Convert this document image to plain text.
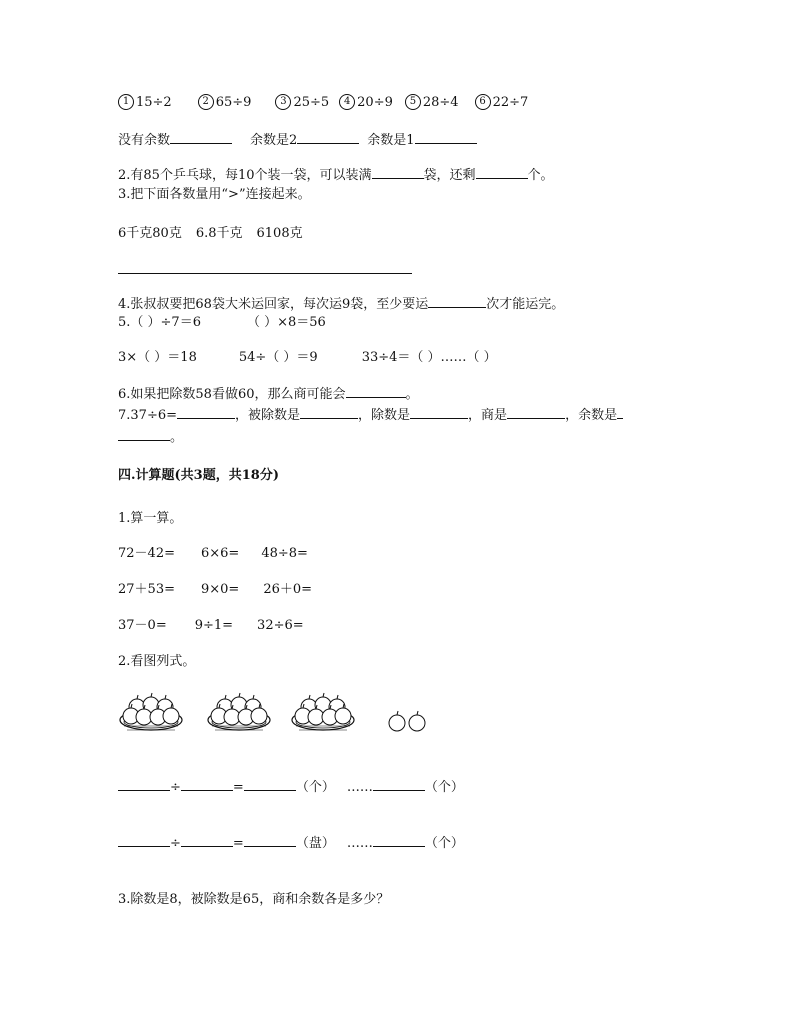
1 15÷2	2 65÷9	3 25÷5 4 20÷9 5 28÷4 6 22÷7
没有余数	余数是2	余数是1
2.有85个乒乓球，每10个装一袋，可以装满	袋，还剩	个。
3.把下面各数量用“>”连接起来。
6千克80克 6.8千克 6108克
4.张叔叔要把68袋大米运回家，每次运9袋，至少要运	次才能运完。
5.（ ）÷7＝6	（ ）×8＝56
3×（ ）＝18	54÷（ ）＝9	33÷4＝（ ）……（ ）
6.如果把除数58看做60，那么商可能会	。
7.37÷6=	，被除数是	，除数是	，商是	，余数是
。
四.计算题(共3题，共18分)
1.算一算。
72－42= 6×6= 48÷8=
27＋53= 9×0= 26＋0=
37－0= 9÷1= 32÷6=
2.看图列式。
÷	=	（个） ……	（个）
÷	=	（盘） ……	（个）
3.除数是8，被除数是65，商和余数各是多少？
